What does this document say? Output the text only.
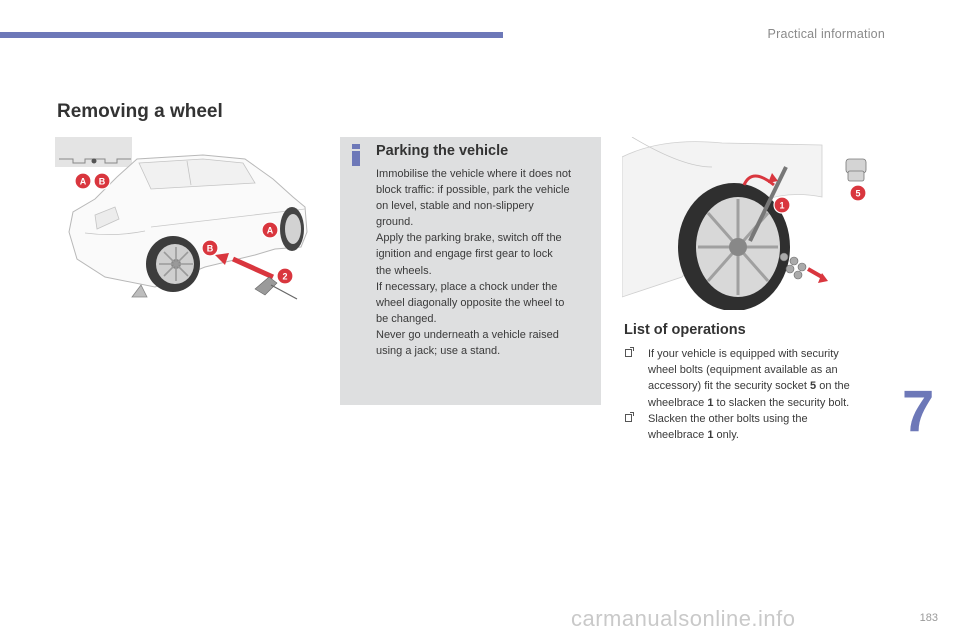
Practical information
Removing a wheel
A B
A
B
2
Parking the vehicle

Immobilise the vehicle where it does not

block traffic: if possible, park the vehicle

on level, stable and non-slippery

ground.

Apply the parking brake, switch off the

ignition and engage first gear to lock

the wheels.

If necessary, place a chock under the

wheel diagonally opposite the wheel to

be changed.

Never go underneath a vehicle raised

using a jack; use a stand.

1
5
List of operations
If your vehicle is equipped with security
wheel bolts (equipment available as an
accessory) fit the security socket 5 on the
wheelbrace 1 to slacken the security bolt.
Slacken the other bolts using the
wheelbrace 1 only.	7
carmanualsonline.info	183
